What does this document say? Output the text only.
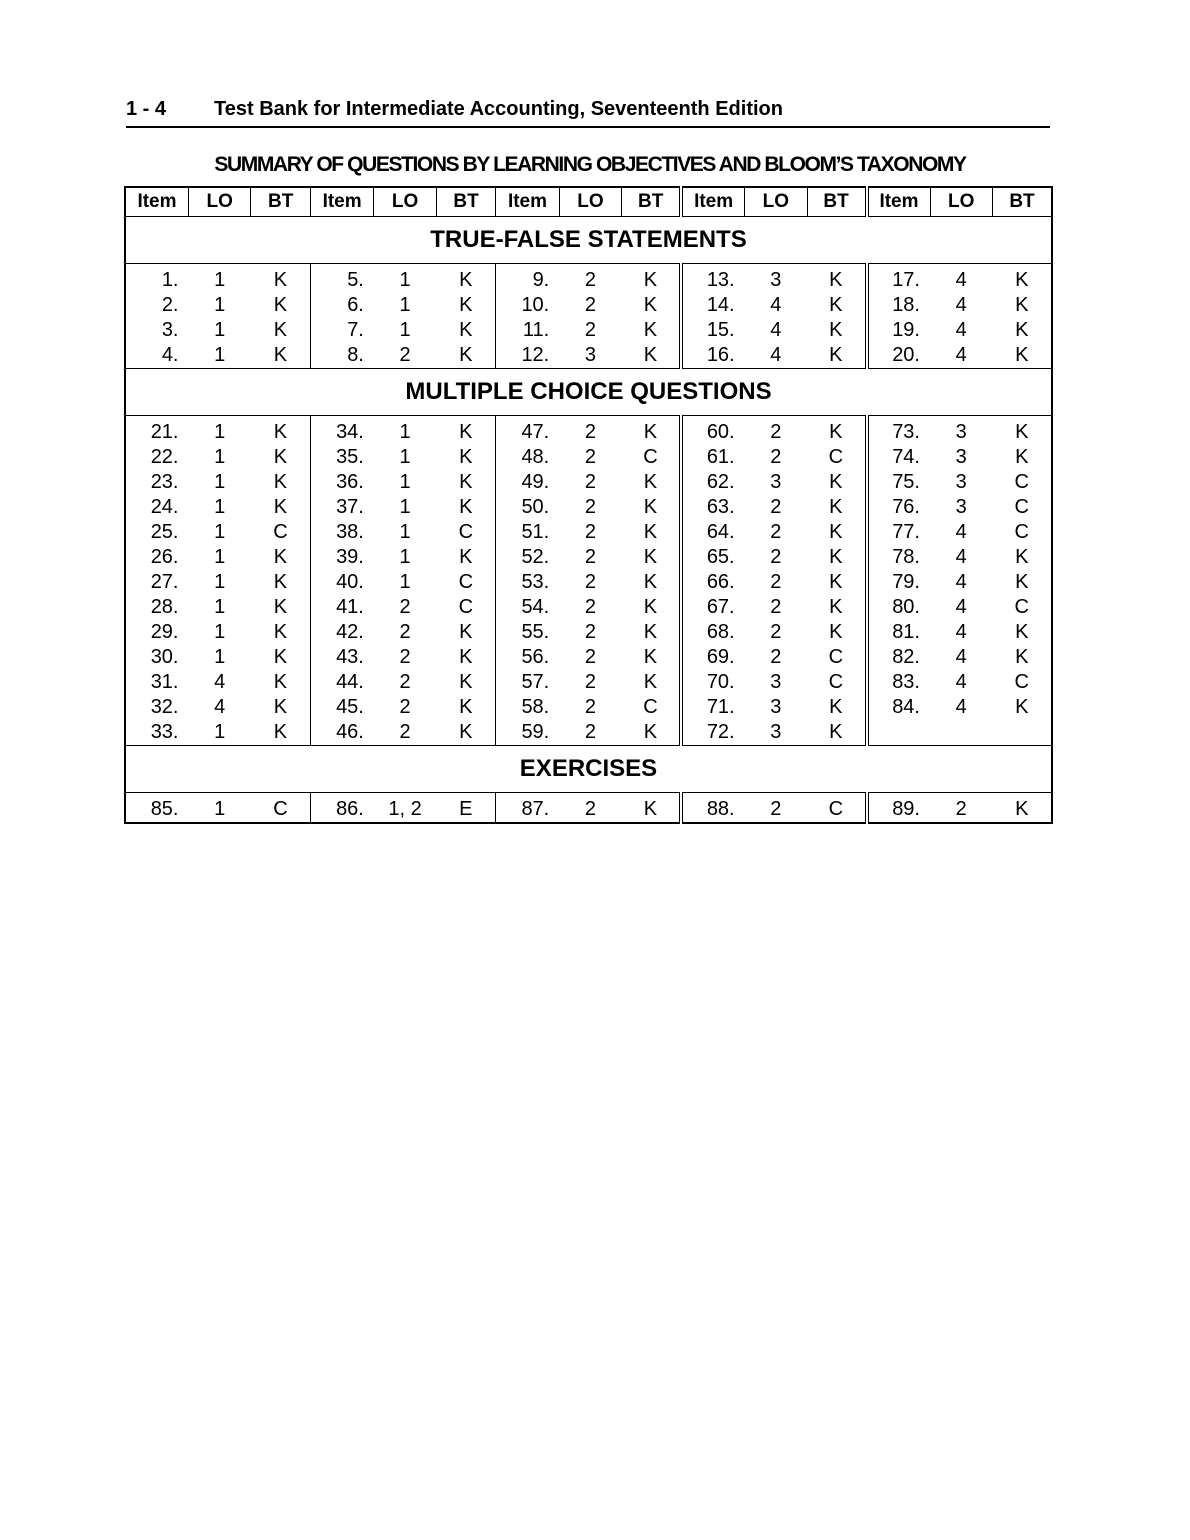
1 - 4 Test Bank for Intermediate Accounting, Seventeenth Edition
SUMMARY OF QUESTIONS BY LEARNING OBJECTIVES AND BLOOM’S TAXONOMY
Item	LO	BT	Item	LO	BT	Item	LO	BT	Item	LO	BT	Item	LO	BT
TRUE-FALSE STATEMENTS														
1.	1	K	5.	1	K	9.	2	K	13.	3	K	17.	4	K
2.	1	K	6.	1	K	10.	2	K	14.	4	K	18.	4	K
3.	1	K	7.	1	K	11.	2	K	15.	4	K	19.	4	K
4.	1	K	8.	2	K	12.	3	K	16.	4	K	20.	4	K
MULTIPLE CHOICE QUESTIONS														
21.	1	K	34.	1	K	47.	2	K	60.	2	K	73.	3	K
22.	1	K	35.	1	K	48.	2	C	61.	2	C	74.	3	K
23.	1	K	36.	1	K	49.	2	K	62.	3	K	75.	3	C
24.	1	K	37.	1	K	50.	2	K	63.	2	K	76.	3	C
25.	1	C	38.	1	C	51.	2	K	64.	2	K	77.	4	C
26.	1	K	39.	1	K	52.	2	K	65.	2	K	78.	4	K
27.	1	K	40.	1	C	53.	2	K	66.	2	K	79.	4	K
28.	1	K	41.	2	C	54.	2	K	67.	2	K	80.	4	C
29.	1	K	42.	2	K	55.	2	K	68.	2	K	81.	4	K
30.	1	K	43.	2	K	56.	2	K	69.	2	C	82.	4	K
31.	4	K	44.	2	K	57.	2	K	70.	3	C	83.	4	C
32.	4	K	45.	2	K	58.	2	C	71.	3	K	84.	4	K
33.	1	K	46.	2	K	59.	2	K	72.	3	K			
EXERCISES														
85.	1	C	86.	1, 2	E	87.	2	K	88.	2	C	89.	2	K
